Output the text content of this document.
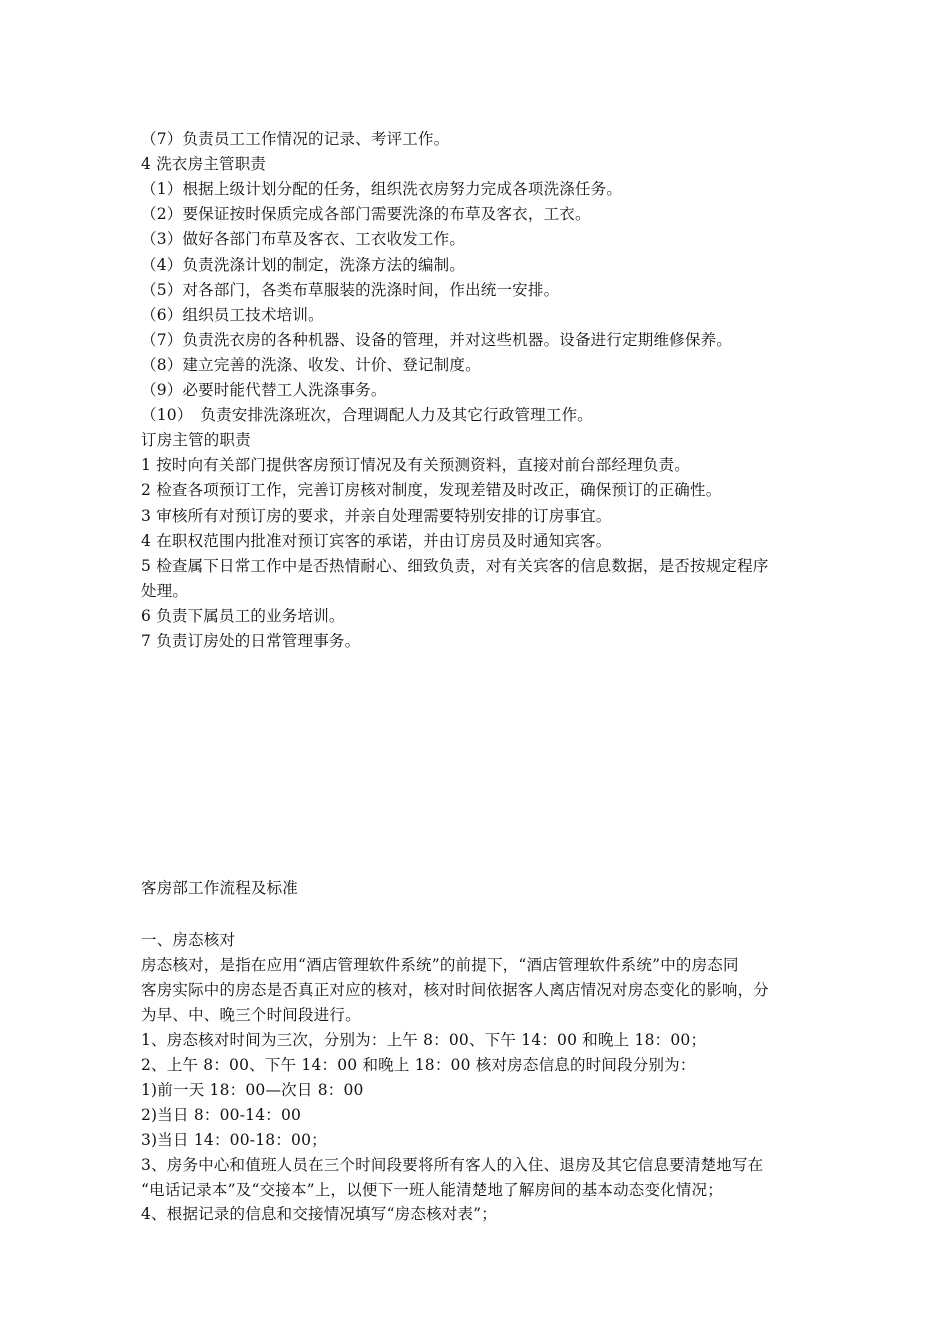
（7）负责员工工作情况的记录、考评工作。
4 洗衣房主管职责
（1）根据上级计划分配的任务，组织洗衣房努力完成各项洗涤任务。
（2）要保证按时保质完成各部门需要洗涤的布草及客衣，工衣。
（3）做好各部门布草及客衣、工衣收发工作。
（4）负责洗涤计划的制定，洗涤方法的编制。
（5）对各部门，各类布草服装的洗涤时间，作出统一安排。
（6）组织员工技术培训。
（7）负责洗衣房的各种机器、设备的管理，并对这些机器。设备进行定期维修保养。
（8）建立完善的洗涤、收发、计价、登记制度。
（9）必要时能代替工人洗涤事务。
（10）　负责安排洗涤班次，合理调配人力及其它行政管理工作。
订房主管的职责
1 按时向有关部门提供客房预订情况及有关预测资料，直接对前台部经理负责。
2 检查各项预订工作，完善订房核对制度，发现差错及时改正，确保预订的正确性。
3 审核所有对预订房的要求，并亲自处理需要特别安排的订房事宜。
4 在职权范围内批准对预订宾客的承诺，并由订房员及时通知宾客。
5 检查属下日常工作中是否热情耐心、细致负责，对有关宾客的信息数据，是否按规定程序
处理。
6 负责下属员工的业务培训。
7 负责订房处的日常管理事务。
客房部工作流程及标准
一、房态核对
房态核对，是指在应用“酒店管理软件系统”的前提下，“酒店管理软件系统”中的房态同
客房实际中的房态是否真正对应的核对，核对时间依据客人离店情况对房态变化的影响，分
为早、中、晚三个时间段进行。
1、房态核对时间为三次，分别为：上午 8：00、下午 14：00 和晚上 18：00；
2、上午 8：00、下午 14：00 和晚上 18：00 核对房态信息的时间段分别为：
1)前一天 18：00—次日 8：00
2)当日 8：00-14：00
3)当日 14：00-18：00；
3、房务中心和值班人员在三个时间段要将所有客人的入住、退房及其它信息要清楚地写在
“电话记录本”及“交接本”上，以便下一班人能清楚地了解房间的基本动态变化情况；
4、根据记录的信息和交接情况填写“房态核对表”；
